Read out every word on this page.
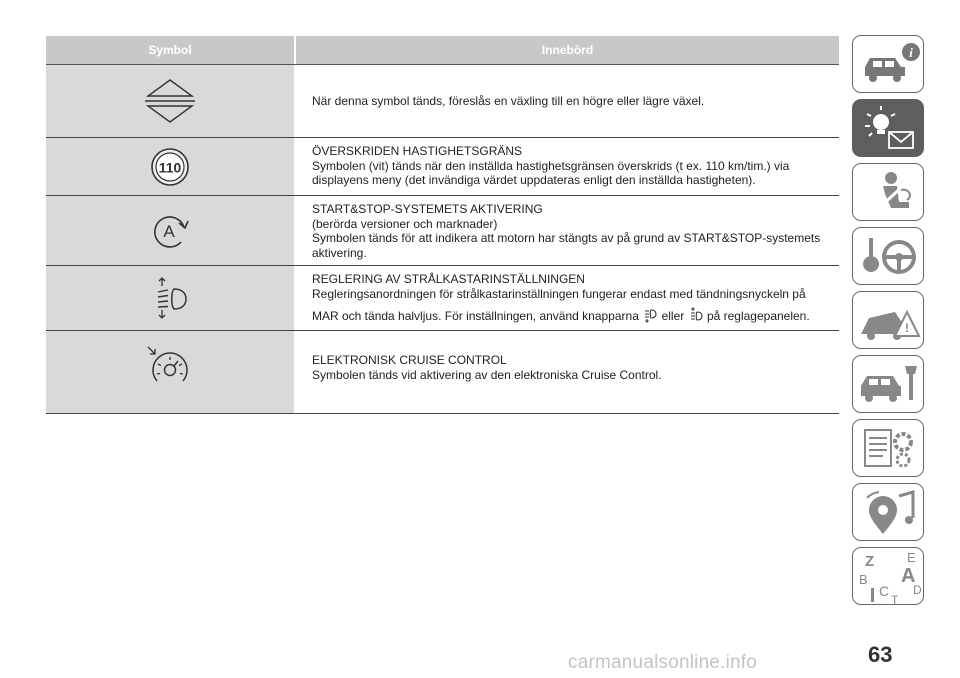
Symbol	Innebörd

När denna symbol tänds, föreslås en växling till en högre eller lägre växel.

110

ÖVERSKRIDEN HASTIGHETSGRÄNS

Symbolen (vit) tänds när den inställda hastighetsgränsen överskrids (t ex. 110 km/tim.) via

displayens meny (det invändiga värdet uppdateras enligt den inställda hastigheten).

A

START&STOP-SYSTEMETS AKTIVERING

(berörda versioner och marknader)

Symbolen tänds för att indikera att motorn har stängts av på grund av START&STOP-systemets

aktivering.

REGLERING AV STRÅLKASTARINSTÄLLNINGEN

Regleringsanordningen för strålkastarinställningen fungerar endast med tändningsnyckeln på

MAR och tända halvljus. För inställningen, använd knapparna eller på reglagepanelen.

ELEKTRONISK CRUISE CONTROL

Symbolen tänds vid aktivering av den elektroniska Cruise Control.

i
!
Z	E
B A
C D
T
63
carmanualsonline.info
